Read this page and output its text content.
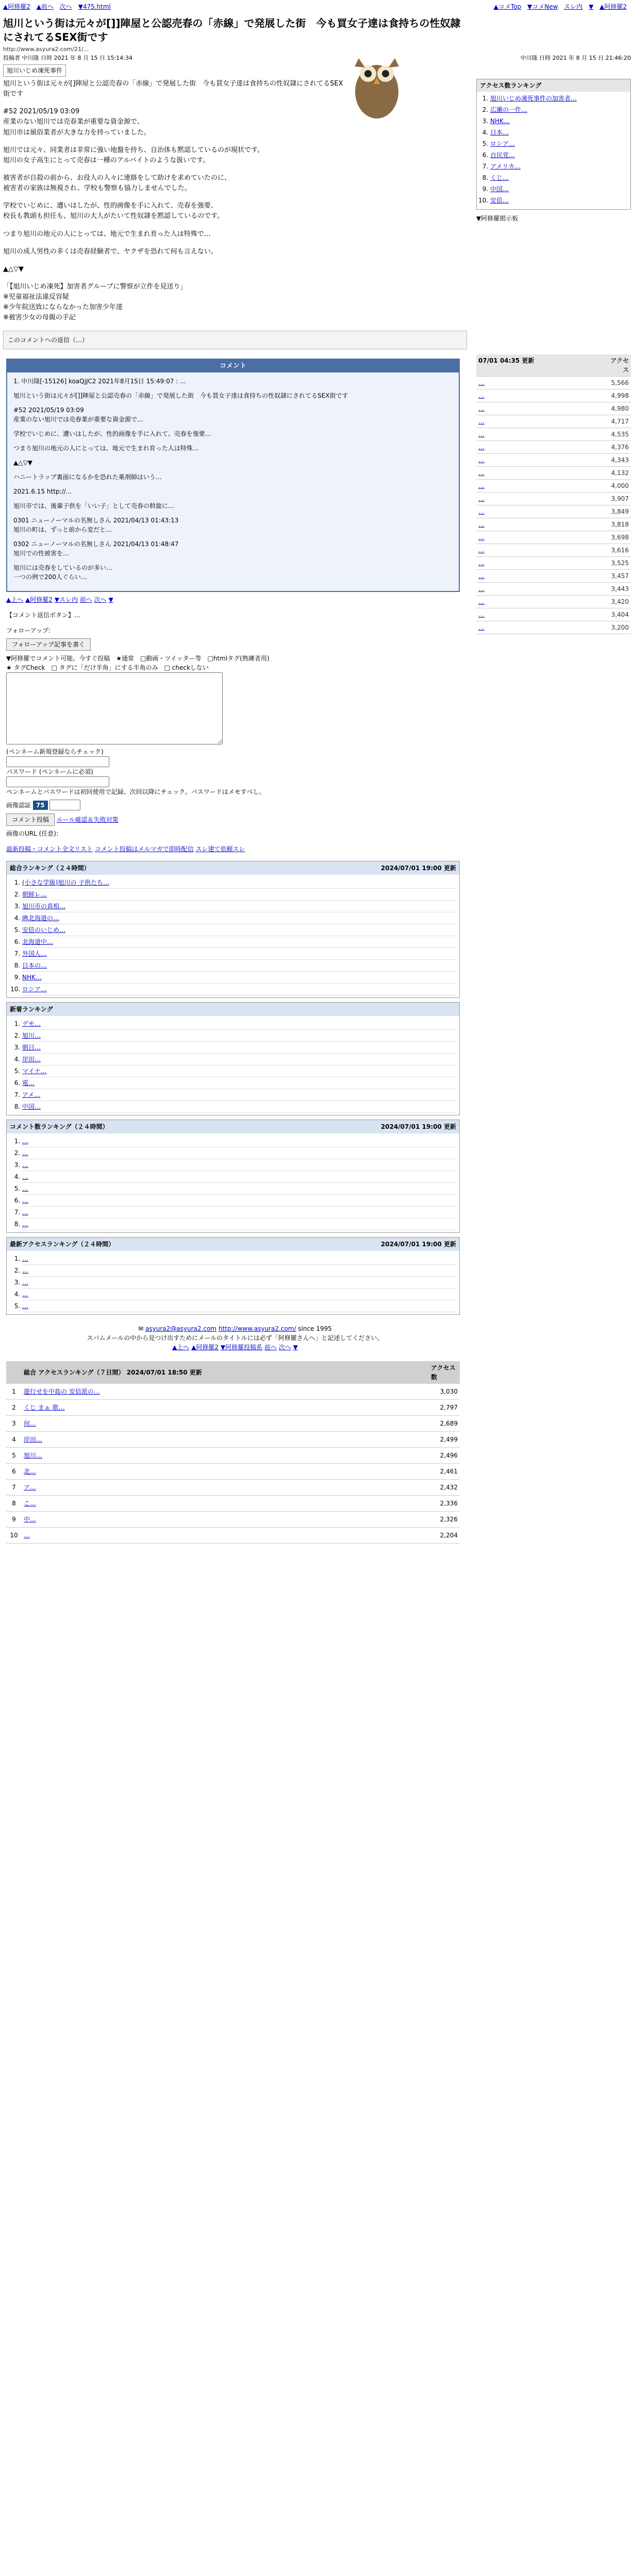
▲阿修羅2 ▲前へ 次へ ▼475.html	▲コメTop ▼コメNew スレ内 ▼ ▲阿修羅2
旭川という街は元々が[]]陣屋と公認売春の「赤線」で発展した街　今も買女子達は食持ちの性奴隷にされてるSEX街です
http://www.asyura2.com/21/...
投稿者 中川隆 日時 2021 年 8 月 15 日 15:14:34	中川隆 日時 2021 年 8 月 15 日 21:46:20
旭川いじめ凍死事件

旭川という街は元々が[]陣屋と公認売春の「赤線」で発展した街　今も買女子達は食持ちの性奴隷にされてるSEX街です

#52 2021/05/19 03:09
産業のない旭川では売春業が重要な資金源で、
旭川市は風俗業者が大きな力を持っていました。

旭川では元々、同業者は非常に強い地盤を持ち、自治体も黙認しているのが現状です。
旭川の女子高生にとって売春は一種のアルバイトのような扱いです。

被害者が自殺の前から、お役人の人々に連絡をして助けを求めていたのに、
被害者の家族は無視され、学校も警察も協力しませんでした。

学校でいじめに、遭いはしたが、性的画像を手に入れて、売春を強要、
校長も教頭も担任も、旭川の大人がたいて性奴隷を黙認しているのです。

つまり旭川の地元の人にとっては、地元で生まれ育った人は特殊で…

旭川の成人男性の多くは売春経験者で、ヤクザを恐れて何も言えない。

▲△▽▼

「【旭川いじめ凍死】加害者グループに警察が立件を見送り」
※児童福祉法違反容疑
※少年院送致にならなかった加害少年達
※被害少女の母親の手記

このコメントへの返信（…）
アクセス数ランキング
1. 旭川いじめ凍死事件の加害者…
2. 広瀬の一件…
3. NHK…
4. 日本…
5. ロシア…
6. 自民党…
7. アメリカ…
8. くじ…
9. 中国…
10. 安倍…
▼阿修羅掲示板
コメント

1. 中川隆[-15126] koaQjJC2 2021年8月15日 15:49:07 : ...

旭川という街は元々が[]]陣屋と公認売春の「赤線」で発展した街　今も買女子達は食持ちの性奴隷にされてるSEX街です

#52 2021/05/19 03:09
産業のない旭川では売春業が重要な資金源で…

学校でいじめに、遭いはしたが、性的画像を手に入れて、売春を強要…

つまり旭川の地元の人にとっては、地元で生まれ育った人は特殊…

▲△▽▼

ハニートラップ裏面になるかを恐れた薬剤師はいう…

2021.6.15 http://...

旭川市では、後輩子供を「いい子」として売春の斡旋に…

0301 ニューノーマルの名無しさん 2021/04/13 01:43:13
旭川の町は、ずっと前から変だと…

0302 ニューノーマルの名無しさん 2021/04/13 01:48:47
旭川での性被害を…

旭川には売春をしているのが多い…
一つの例で200人ぐらい…

▲上へ ▲阿修羅2 ▼スレ内 前へ 次へ ▼
【コメント返信ボタン】…
フォローアップ:
フォローアップ記事を書く
▼阿修羅でコメント可能。今すぐ投稿　★通常　□動画・ツイッター等　□htmlタグ(熟練者用)
★ タグCheck　□ タグに「だけ半角」にする半角のみ　□ checkしない
(ペンネーム新規登録ならチェック)
パスワード (ペンネームに必須)
ペンネームとパスワードは初回使用で記録、次回以降にチェック。パスワードはメモすべし。
画像認証 75
コメント投稿 ルール確認＆失敗対策
画像のURL (任意):
最新投稿・コメント全文リスト コメント投稿はメルマガで即時配信 スレ建て依頼スレ
総合ランキング（２４時間）	2024/07/01 19:00 更新
1. (小さな学級)旭川の 子供たち…
2. 朝鮮レ…
3. 旭川市の真相…
4. JR北海道の…
5. 安倍のいじめ…
6. 北海道中…
7. 外国人…
8. 日本の…
9. NHK…
10. ロシア…
新着ランキング
1. デモ…
2. 旭川…
3. 朝日…
4. 岸田…
5. マイナ…
6. 電…
7. アメ…
8. 中国…
コメント数ランキング（２４時間）	2024/07/01 19:00 更新
1. …
2. …
3. …
4. …
5. …
6. …
7. …
8. …
最新アクセスランキング（２４時間）	2024/07/01 19:00 更新
1. …
2. …
3. …
4. …
5. …
✉ asyura2@asyura2.com http://www.asyura2.com/ since 1995
スパムメールの中から見つけ出すためにメールのタイトルには必ず「阿修羅さんへ」と記述してください。
▲上へ ▲阿修羅2 ▼阿修羅投稿系 前へ 次へ ▼
	総合 アクセスランキング（７日間） 2024/07/01 18:50 更新	アクセス数
1	遊行せを中島の 安倍派の…	3,030
2	くじ まぁ 歌…	2,797
3	何…	2,689
4	岸田…	2,499
5	旭川…	2,496
6	北…	2,461
7	ア…	2,432
8	こ…	2,336
9	中…	2,326
10	…	2,204
07/01 04:35 更新	アクセス
…	5,566
…	4,998
…	4,980
…	4,717
…	4,535
…	4,376
…	4,343
…	4,132
…	4,000
…	3,907
…	3,849
…	3,818
…	3,698
…	3,616
…	3,525
…	3,457
…	3,443
…	3,420
…	3,404
…	3,200
